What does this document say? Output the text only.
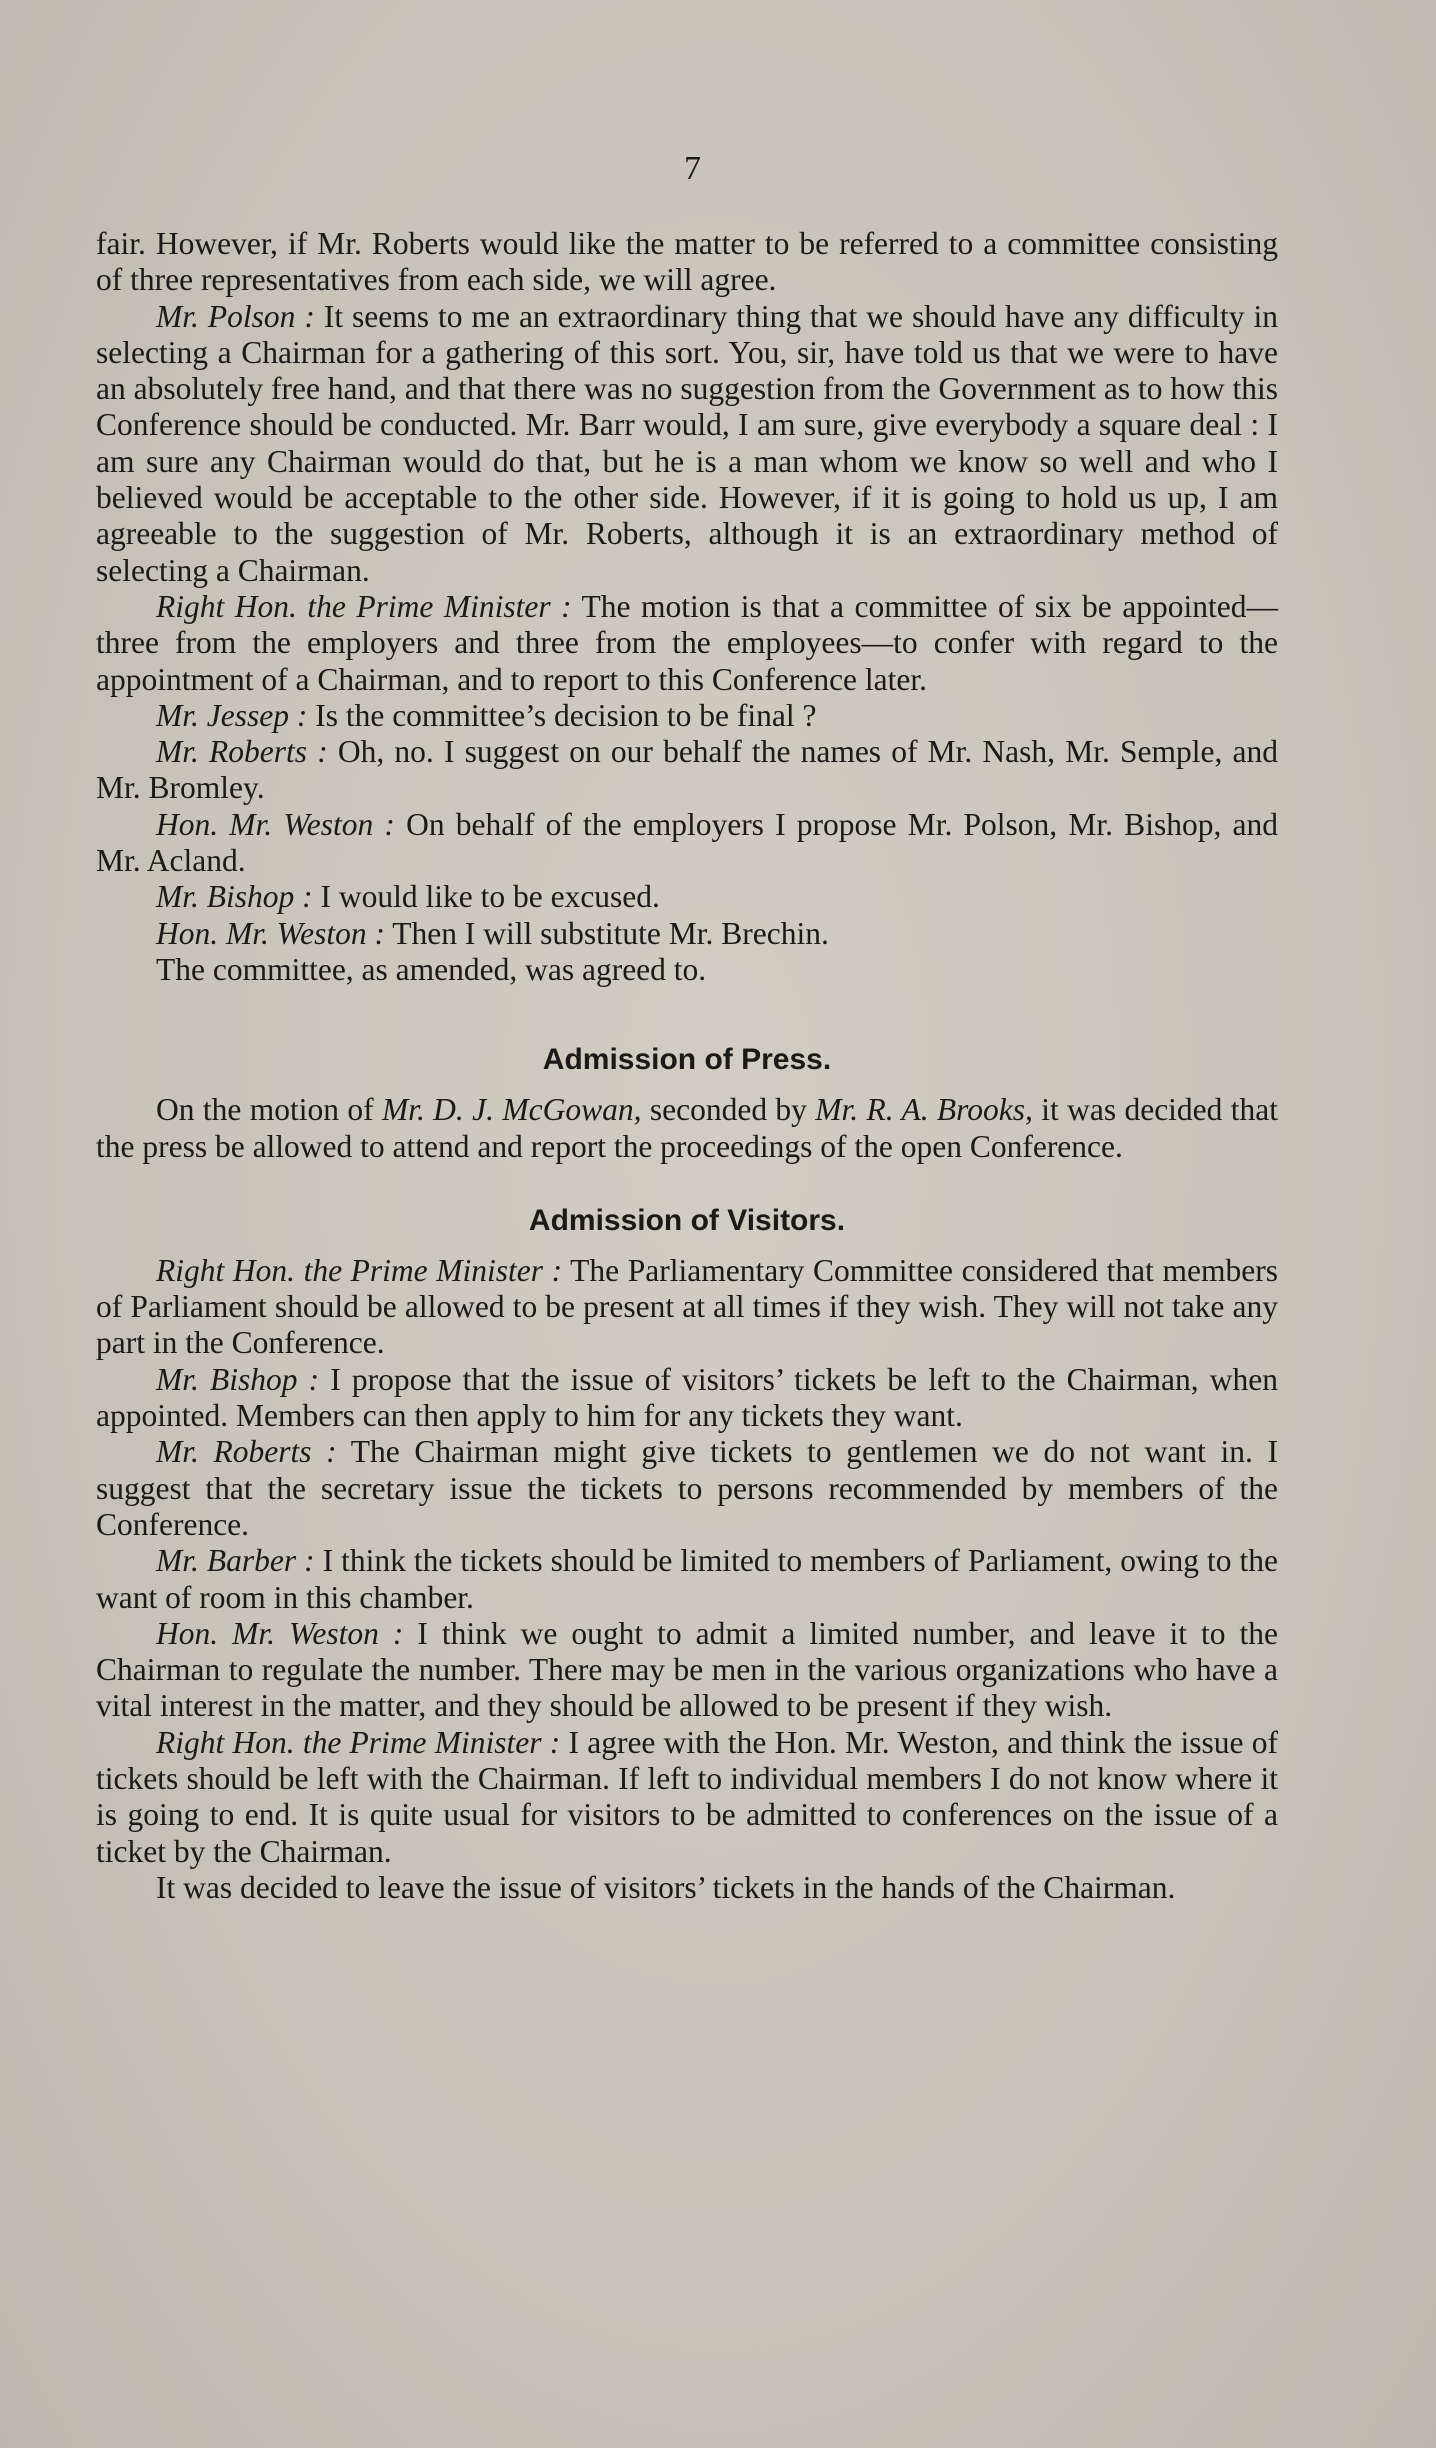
7

fair. However, if Mr. Roberts would like the matter to be referred to a committee consisting of three representatives from each side, we will agree.

Mr. Polson : It seems to me an extraordinary thing that we should have any difficulty in selecting a Chairman for a gathering of this sort. You, sir, have told us that we were to have an absolutely free hand, and that there was no suggestion from the Government as to how this Conference should be conducted. Mr. Barr would, I am sure, give everybody a square deal : I am sure any Chairman would do that, but he is a man whom we know so well and who I believed would be acceptable to the other side. However, if it is going to hold us up, I am agreeable to the suggestion of Mr. Roberts, although it is an extraordinary method of selecting a Chairman.

Right Hon. the Prime Minister : The motion is that a committee of six be appointed—three from the employers and three from the employees—to confer with regard to the appointment of a Chairman, and to report to this Conference later.

Mr. Jessep : Is the committee’s decision to be final ?

Mr. Roberts : Oh, no. I suggest on our behalf the names of Mr. Nash, Mr. Semple, and Mr. Bromley.

Hon. Mr. Weston : On behalf of the employers I propose Mr. Polson, Mr. Bishop, and Mr. Acland.

Mr. Bishop : I would like to be excused.

Hon. Mr. Weston : Then I will substitute Mr. Brechin.

The committee, as amended, was agreed to.

Admission of Press.

On the motion of Mr. D. J. McGowan, seconded by Mr. R. A. Brooks, it was decided that the press be allowed to attend and report the proceedings of the open Conference.

Admission of Visitors.

Right Hon. the Prime Minister : The Parliamentary Committee considered that members of Parliament should be allowed to be present at all times if they wish. They will not take any part in the Conference.

Mr. Bishop : I propose that the issue of visitors’ tickets be left to the Chairman, when appointed. Members can then apply to him for any tickets they want.

Mr. Roberts : The Chairman might give tickets to gentlemen we do not want in. I suggest that the secretary issue the tickets to persons recommended by members of the Conference.

Mr. Barber : I think the tickets should be limited to members of Parliament, owing to the want of room in this chamber.

Hon. Mr. Weston : I think we ought to admit a limited number, and leave it to the Chairman to regulate the number. There may be men in the various organizations who have a vital interest in the matter, and they should be allowed to be present if they wish.

Right Hon. the Prime Minister : I agree with the Hon. Mr. Weston, and think the issue of tickets should be left with the Chairman. If left to individual members I do not know where it is going to end. It is quite usual for visitors to be admitted to conferences on the issue of a ticket by the Chairman.

It was decided to leave the issue of visitors’ tickets in the hands of the Chairman.
